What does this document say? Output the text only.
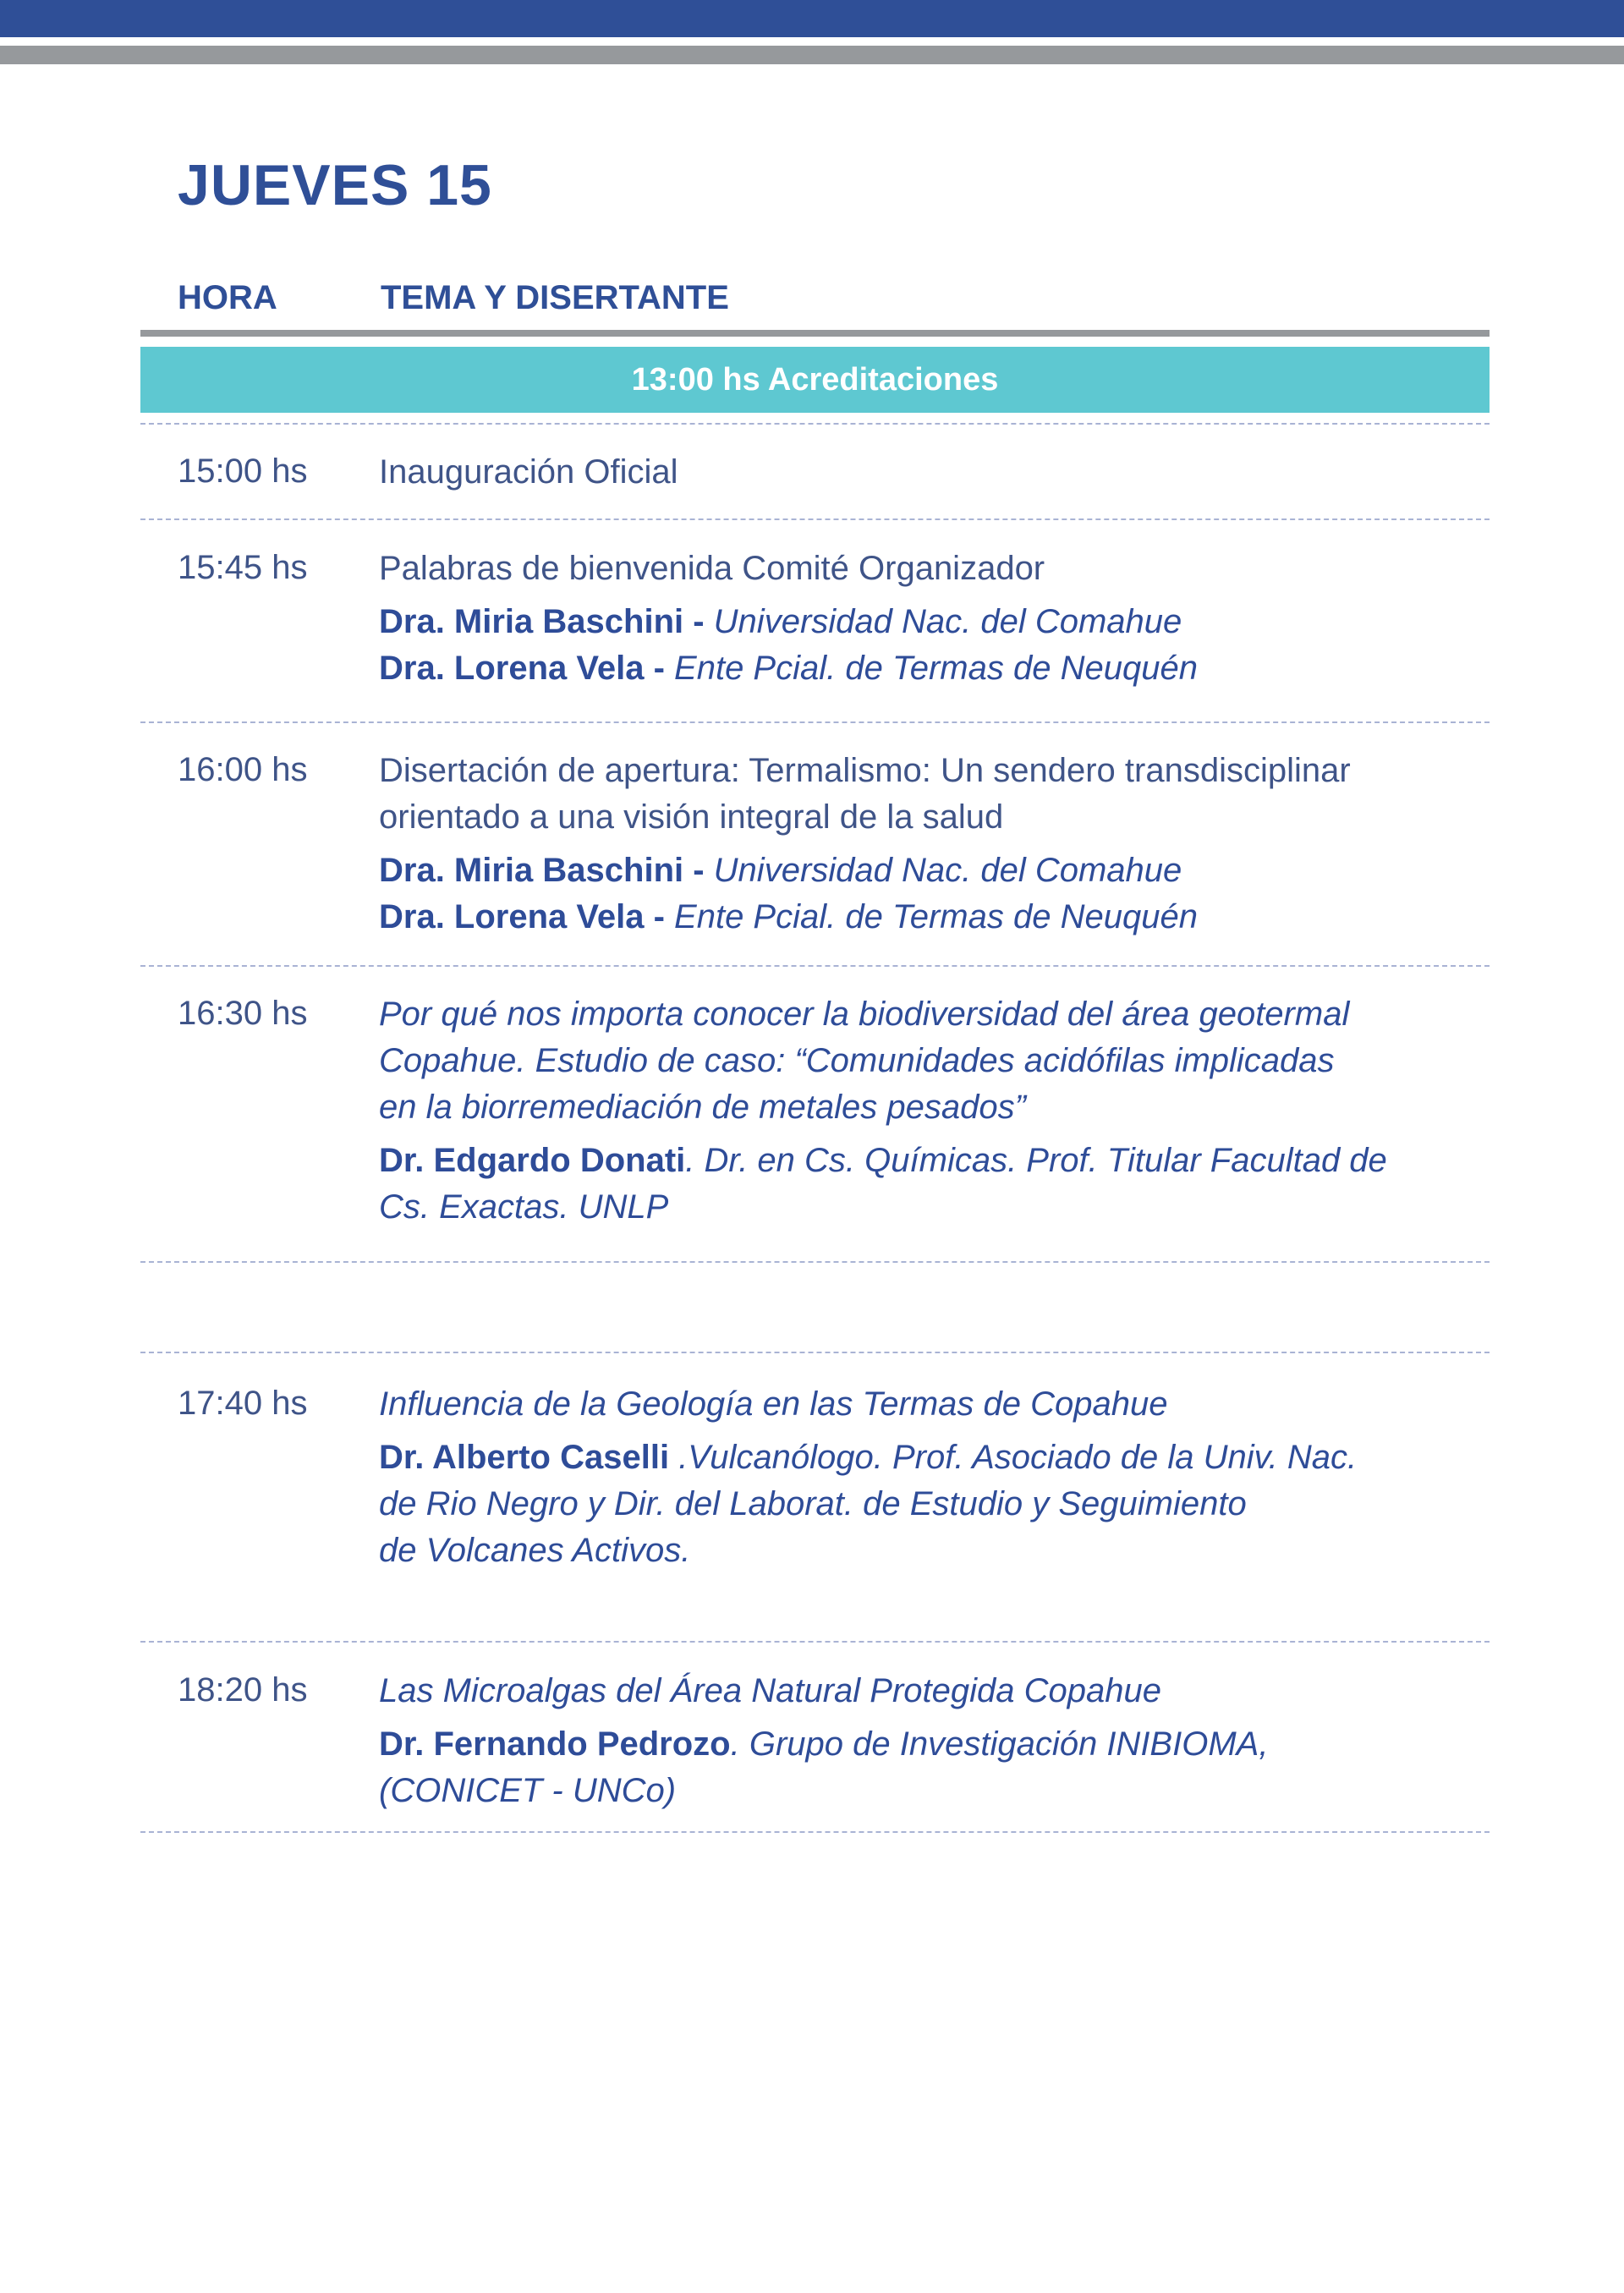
JUEVES 15
HORA	TEMA Y DISERTANTE
13:00 hs Acreditaciones
15:00 hs Inauguración Oficial
15:45 hs Palabras de bienvenida Comité Organizador
Dra. Miria Baschini - Universidad Nac. del Comahue
Dra. Lorena Vela - Ente Pcial. de Termas de Neuquén
16:00 hs Disertación de apertura: Termalismo: Un sendero transdisciplinar
orientado a una visión integral de la salud
Dra. Miria Baschini - Universidad Nac. del Comahue
Dra. Lorena Vela - Ente Pcial. de Termas de Neuquén
16:30 hs Por qué nos importa conocer la biodiversidad del área geotermal
Copahue. Estudio de caso: “Comunidades acidófilas implicadas
en la biorremediación de metales pesados”
Dr. Edgardo Donati. Dr. en Cs. Químicas. Prof. Titular Facultad de
Cs. Exactas. UNLP
17:40 hs Influencia de la Geología en las Termas de Copahue
Dr. Alberto Caselli .Vulcanólogo. Prof. Asociado de la Univ. Nac.
de Rio Negro y Dir. del Laborat. de Estudio y Seguimiento
de Volcanes Activos.
18:20 hs Las Microalgas del Área Natural Protegida Copahue
Dr. Fernando Pedrozo. Grupo de Investigación INIBIOMA,
(CONICET - UNCo)
